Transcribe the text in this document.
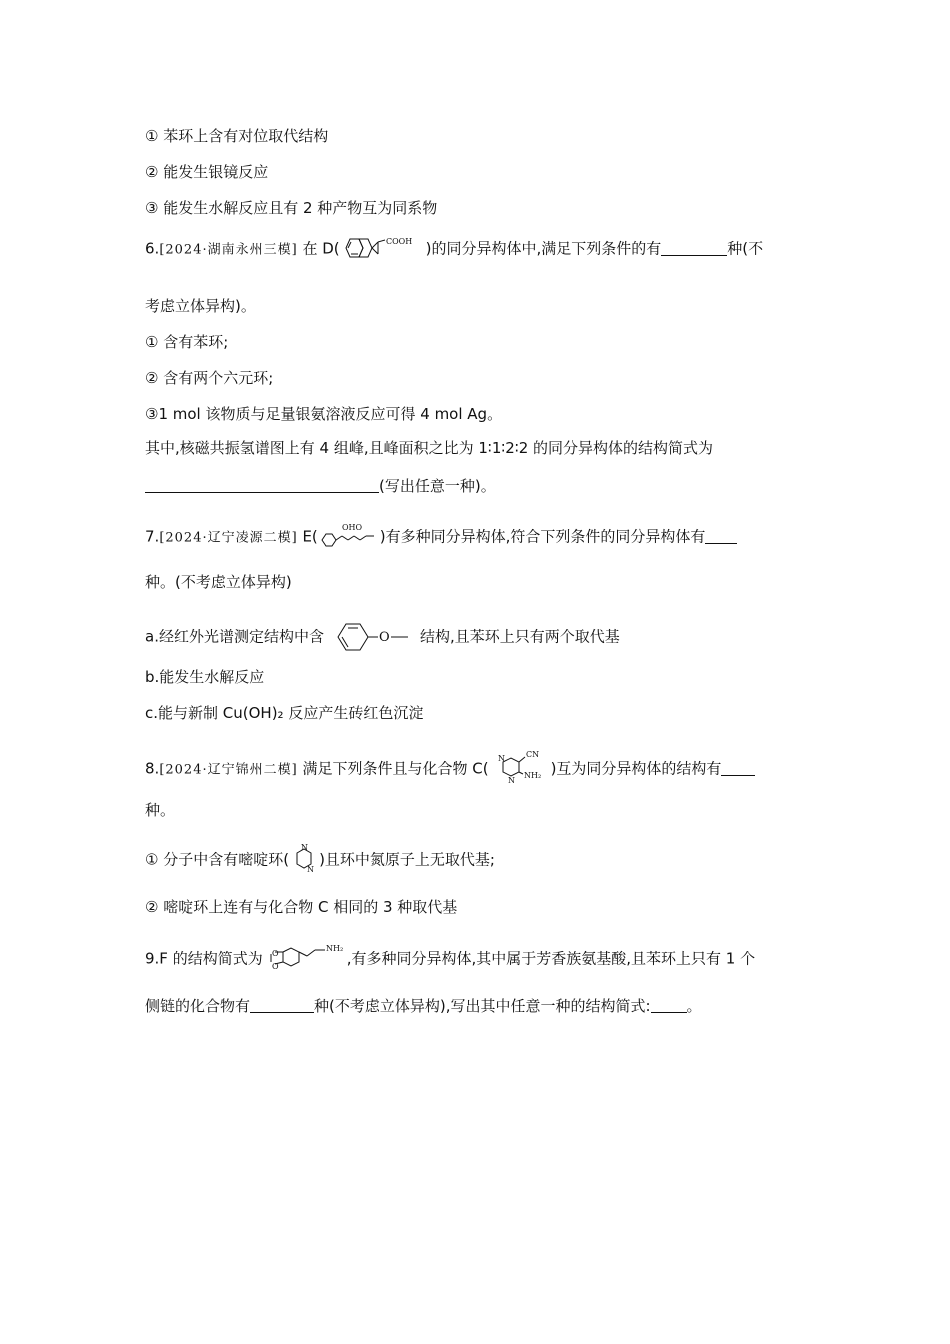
① 苯环上含有对位取代结构
② 能发生银镜反应
③ 能发生水解反应且有 2 种产物互为同系物
6.[2024·湖南永州三模] 在 D(	COOH )的同分异构体中,满足下列条件的有	种(不
考虑立体异构)。
① 含有苯环;
② 含有两个六元环;
③1 mol 该物质与足量银氨溶液反应可得 4 mol Ag。
其中,核磁共振氢谱图上有 4 组峰,且峰面积之比为 1∶1∶2∶2 的同分异构体的结构简式为
(写出任意一种)。
7.[2024·辽宁凌源二模] E(	OHO )有多种同分异构体,符合下列条件的同分异构体有
种。(不考虑立体异构)
a.经红外光谱测定结构中含	O 结构,且苯环上只有两个取代基
b.能发生水解反应
c.能与新制 Cu(OH)₂ 反应产生砖红色沉淀
8.[2024·辽宁锦州二模] 满足下列条件且与化合物 C(
N
N
CN
NH₂ )互为同分异构体的结构有
种。
① 分子中含有嘧啶环(
N
N
)且环中氮原子上无取代基;
② 嘧啶环上连有与化合物 C 相同的 3 种取代基
9.F 的结构简式为 O
O
NH₂
,有多种同分异构体,其中属于芳香族氨基酸,且苯环上只有 1 个
侧链的化合物有	种(不考虑立体异构),写出其中任意一种的结构简式: 。
